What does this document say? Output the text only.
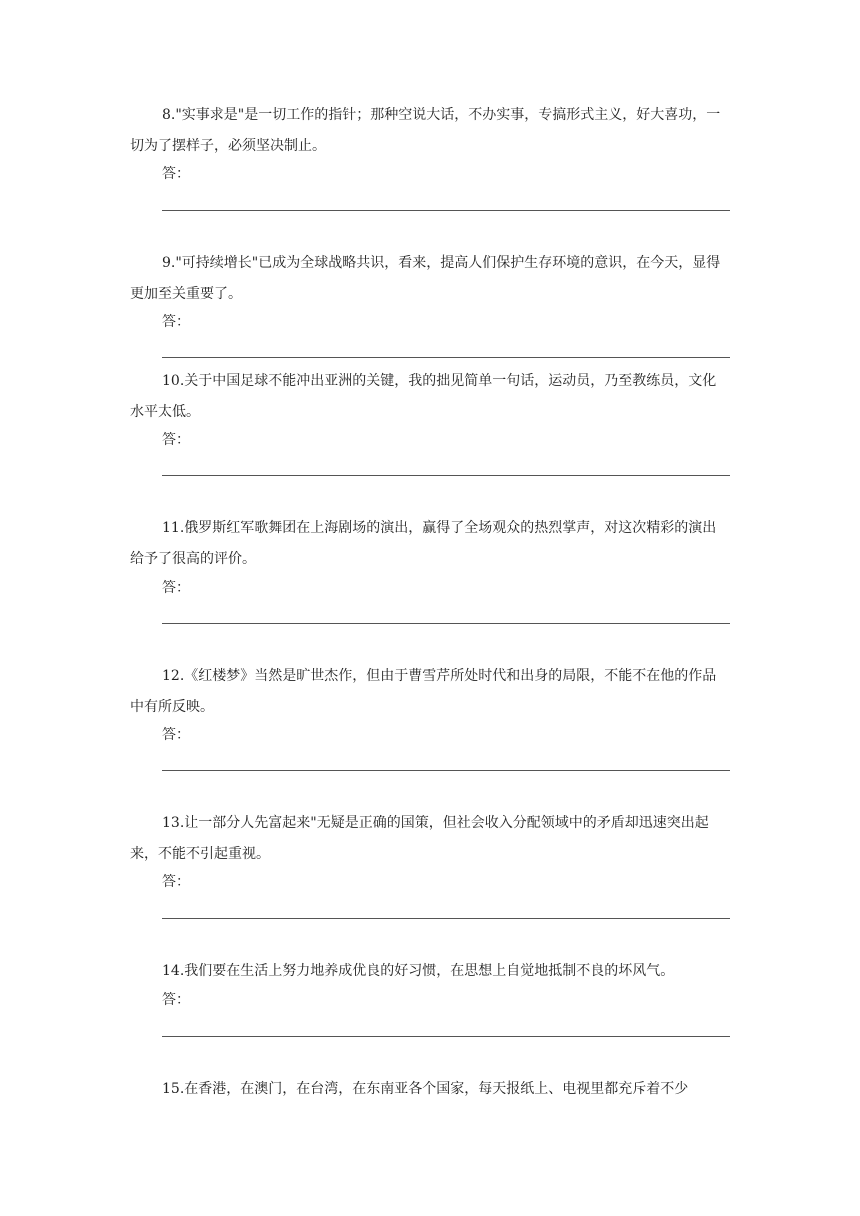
8."实事求是"是一切工作的指针；那种空说大话，不办实事，专搞形式主义，好大喜功，一切为了摆样子，必须坚决制止。
答：
9."可持续增长"已成为全球战略共识，看来，提高人们保护生存环境的意识，在今天，显得更加至关重要了。
答：
10.关于中国足球不能冲出亚洲的关键，我的拙见简单一句话，运动员，乃至教练员，文化水平太低。
答：
11.俄罗斯红军歌舞团在上海剧场的演出，赢得了全场观众的热烈掌声，对这次精彩的演出给予了很高的评价。
答：
12.《红楼梦》当然是旷世杰作，但由于曹雪芹所处时代和出身的局限，不能不在他的作品中有所反映。
答：
13.让一部分人先富起来"无疑是正确的国策，但社会收入分配领域中的矛盾却迅速突出起来，不能不引起重视。
答：
14.我们要在生活上努力地养成优良的好习惯，在思想上自觉地抵制不良的坏风气。
答：
15.在香港，在澳门，在台湾，在东南亚各个国家，每天报纸上、电视里都充斥着不少
